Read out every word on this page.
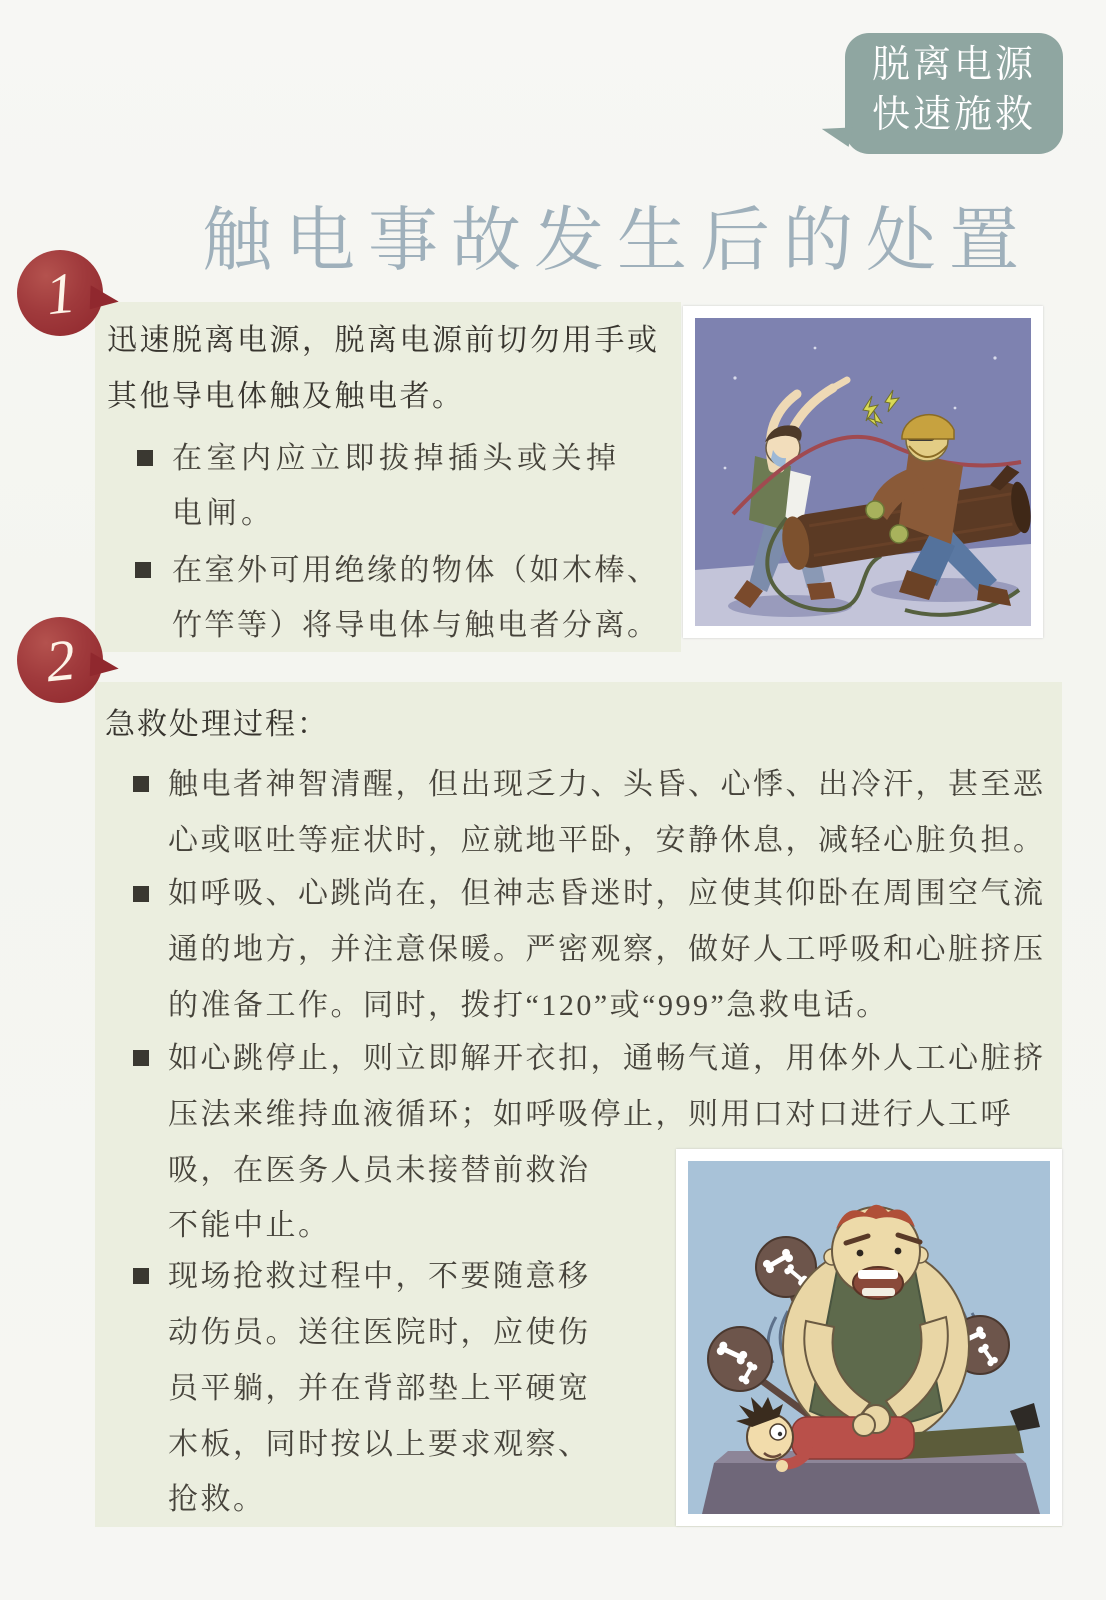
脱离电源
快速施救
触电事故发生后的处置
1
迅速脱离电源，脱离电源前切勿用手或
其他导电体触及触电者。
在室内应立即拔掉插头或关掉
电闸。
在室外可用绝缘的物体（如木棒、
竹竿等）将导电体与触电者分离。
2
急救处理过程：
触电者神智清醒，但出现乏力、头昏、心悸、出冷汗，甚至恶
心或呕吐等症状时，应就地平卧，安静休息，减轻心脏负担。
如呼吸、心跳尚在，但神志昏迷时，应使其仰卧在周围空气流
通的地方，并注意保暖。严密观察，做好人工呼吸和心脏挤压
的准备工作。同时，拨打“120”或“999”急救电话。
如心跳停止，则立即解开衣扣，通畅气道，用体外人工心脏挤
压法来维持血液循环；如呼吸停止，则用口对口进行人工呼
吸，在医务人员未接替前救治
不能中止。
现场抢救过程中，不要随意移
动伤员。送往医院时，应使伤
员平躺，并在背部垫上平硬宽
木板，同时按以上要求观察、
抢救。
